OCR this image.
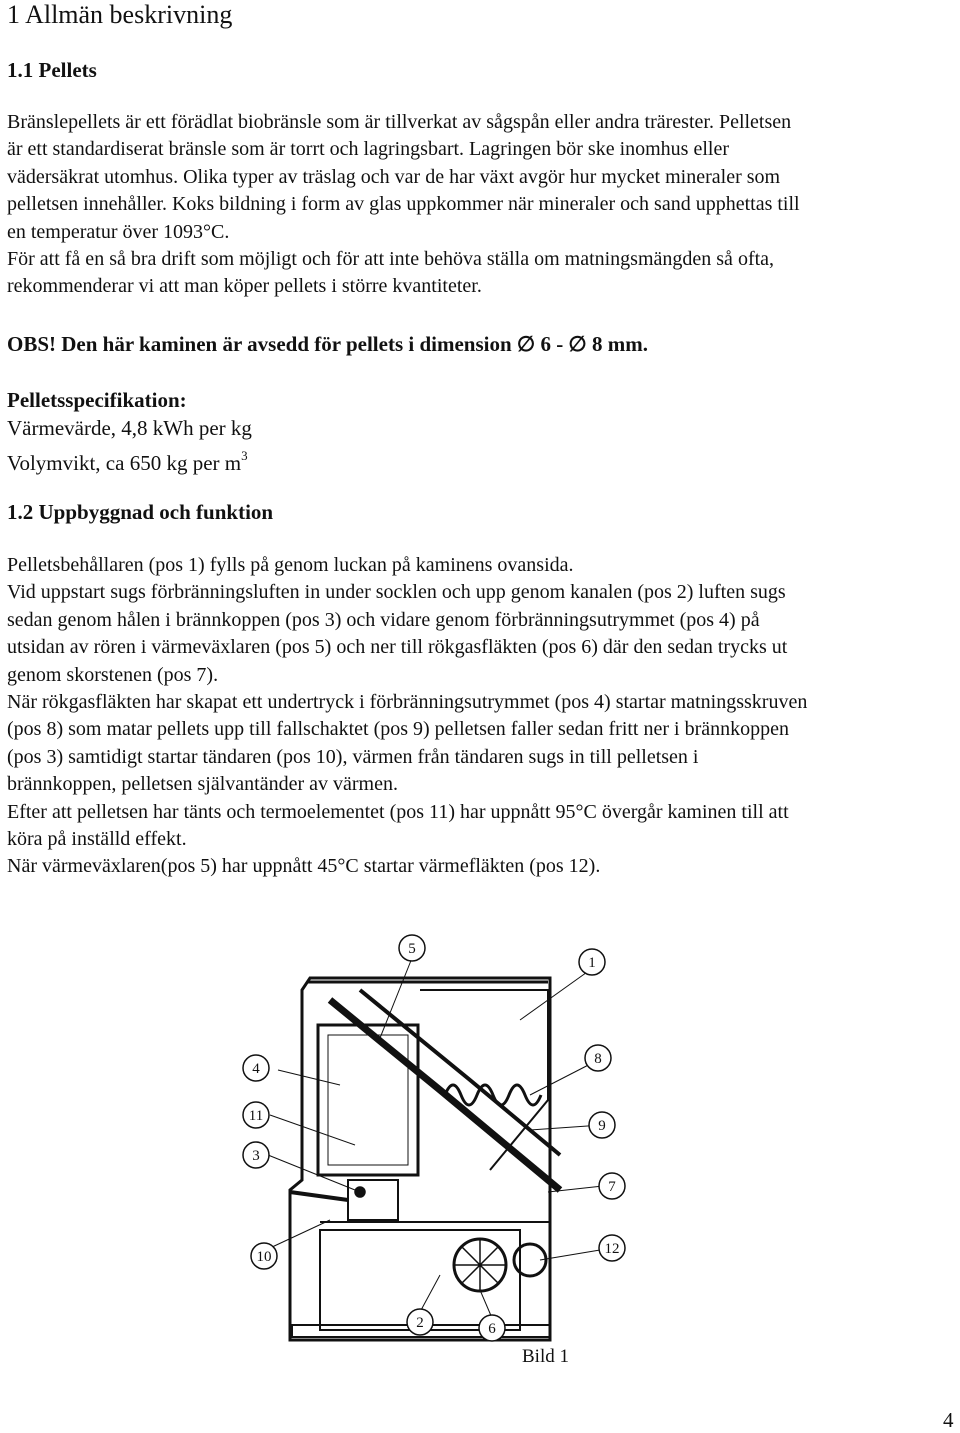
1 Allmän beskrivning
1.1 Pellets

Bränslepellets är ett förädlat biobränsle som är tillverkat av sågspån eller andra trärester. Pelletsen

är ett standardiserat bränsle som är torrt och lagringsbart. Lagringen bör ske inomhus eller

vädersäkrat utomhus. Olika typer av träslag och var de har växt avgör hur mycket mineraler som

pelletsen innehåller. Koks bildning i form av glas uppkommer när mineraler och sand upphettas till

en temperatur över 1093°C.

För att få en så bra drift som möjligt och för att inte behöva ställa om matningsmängden så ofta,

rekommenderar vi att man köper pellets i större kvantiteter.

OBS! Den här kaminen är avsedd för pellets i dimension ∅ 6 - ∅ 8 mm.
Pelletsspecifikation:
Värmevärde, 4,8 kWh per kg
Volymvikt, ca 650 kg per $m^3$
1.2 Uppbyggnad och funktion

Pelletsbehållaren (pos 1) fylls på genom luckan på kaminens ovansida.

Vid uppstart sugs förbränningsluften in under socklen och upp genom kanalen (pos 2) luften sugs

sedan genom hålen i brännkoppen (pos 3) och vidare genom förbränningsutrymmet (pos 4) på

utsidan av rören i värmeväxlaren (pos 5) och ner till rökgasfläkten (pos 6) där den sedan trycks ut

genom skorstenen (pos 7).

När rökgasfläkten har skapat ett undertryck i förbränningsutrymmet (pos 4) startar matningsskruven

(pos 8) som matar pellets upp till fallschaktet (pos 9) pelletsen faller sedan fritt ner i brännkoppen

(pos 3) samtidigt startar tändaren (pos 10), värmen från tändaren sugs in till pelletsen i

brännkoppen, pelletsen självantänder av värmen.

Efter att pelletsen har tänts och termoelementet (pos 11) har uppnått 95°C övergår kaminen till att

köra på inställd effekt.

När värmeväxlaren(pos 5) har uppnått 45°C startar värmefläkten (pos 12).

5
1
4
8
11
9
3
7
10	12
2	6
Bild 1
4
